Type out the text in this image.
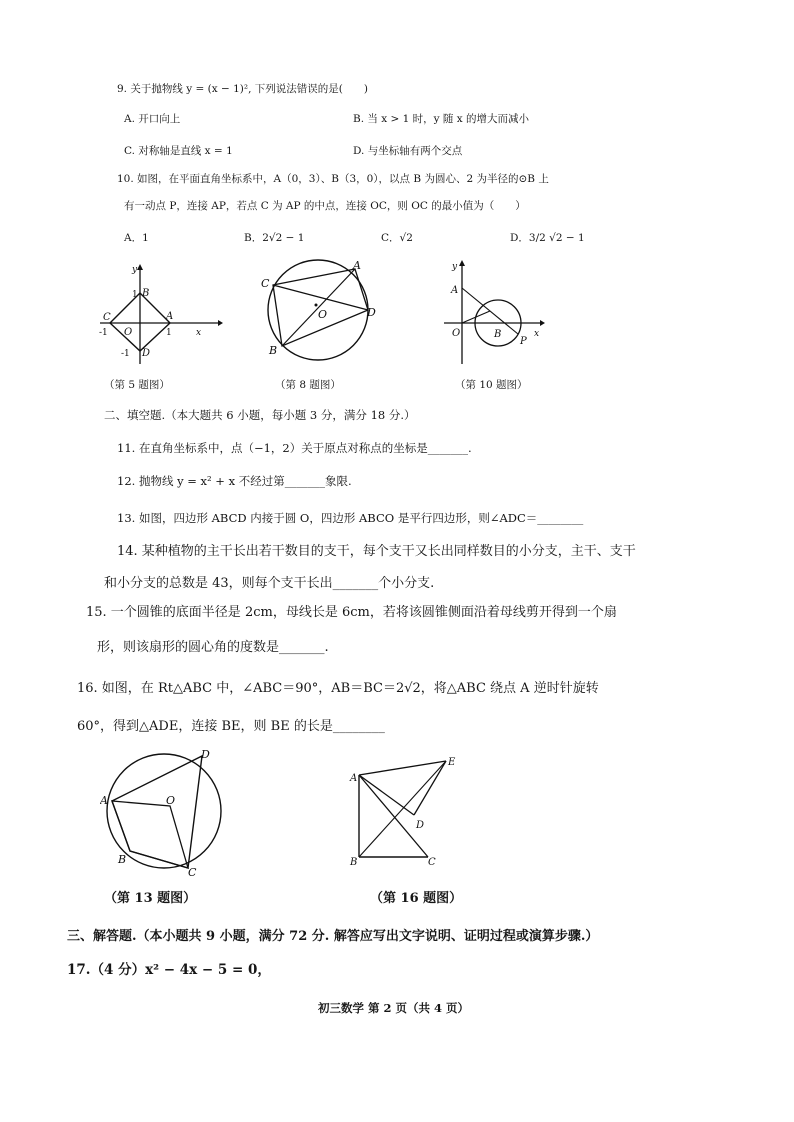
9. 关于抛物线 y = (x − 1)², 下列说法错误的是(　　)
A. 开口向上	B. 当 x > 1 时，y 随 x 的增大而减小
C. 对称轴是直线 x = 1	D. 与坐标轴有两个交点
10. 如图，在平面直角坐标系中，A（0，3）、B（3，0），以点 B 为圆心、2 为半径的⊙B 上
有一动点 P，连接 AP，若点 C 为 AP 的中点，连接 OC，则 OC 的最小值为（　　）
A．1	B．2√2 − 1	C．√2	D．3/2 √2 − 1
y
x
B
A
C
D
O
1
1
-1
-1
（第 5 题图）
C
A
D
B
O
（第 8 题图）
y
x
A
O	B
P
（第 10 题图）
二、填空题.（本大题共 6 小题，每小题 3 分，满分 18 分.）
11. 在直角坐标系中，点（−1，2）关于原点对称点的坐标是_______.
12. 抛物线 y = x² + x 不经过第_______象限.
13. 如图，四边形 ABCD 内接于圆 O，四边形 ABCO 是平行四边形，则∠ADC＝________
14. 某种植物的主干长出若干数目的支干，每个支干又长出同样数目的小分支，主干、支干
和小分支的总数是 43，则每个支干长出_______个小分支.
15. 一个圆锥的底面半径是 2cm，母线长是 6cm，若将该圆锥侧面沿着母线剪开得到一个扇
形，则该扇形的圆心角的度数是_______.
16. 如图，在 Rt△ABC 中，∠ABC＝90°，AB＝BC＝2√2，将△ABC 绕点 A 逆时针旋转
60°，得到△ADE，连接 BE，则 BE 的长是________
A
B
C
D
O
（第 13 题图）
A
B	C
D
E
（第 16 题图）
三、解答题.（本小题共 9 小题，满分 72 分. 解答应写出文字说明、证明过程或演算步骤.）
17.（4 分）x² − 4x − 5 = 0，
初三数学 第 2 页（共 4 页）
